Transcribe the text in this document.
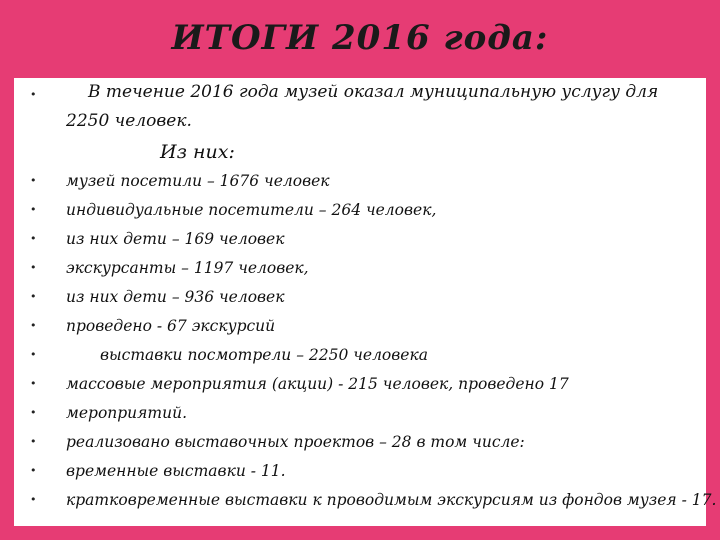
ИТОГИ 2016 года:
•	В течение 2016 года музей оказал муниципальную услугу для
2250 человек.
Из них:
•	музей посетили – 1676 человек
•	индивидуальные посетители – 264 человек,
•	из них дети – 169 человек
•	экскурсанты – 1197 человек,
•	из них дети – 936 человек
•	проведено - 67 экскурсий
•	выставки посмотрели – 2250 человека
•	массовые мероприятия (акции) - 215 человек, проведено 17
•	мероприятий.
•	реализовано выставочных проектов – 28 в том числе:
•	временные выставки - 11.
•	кратковременные выставки к проводимым экскурсиям из фондов музея - 17.
